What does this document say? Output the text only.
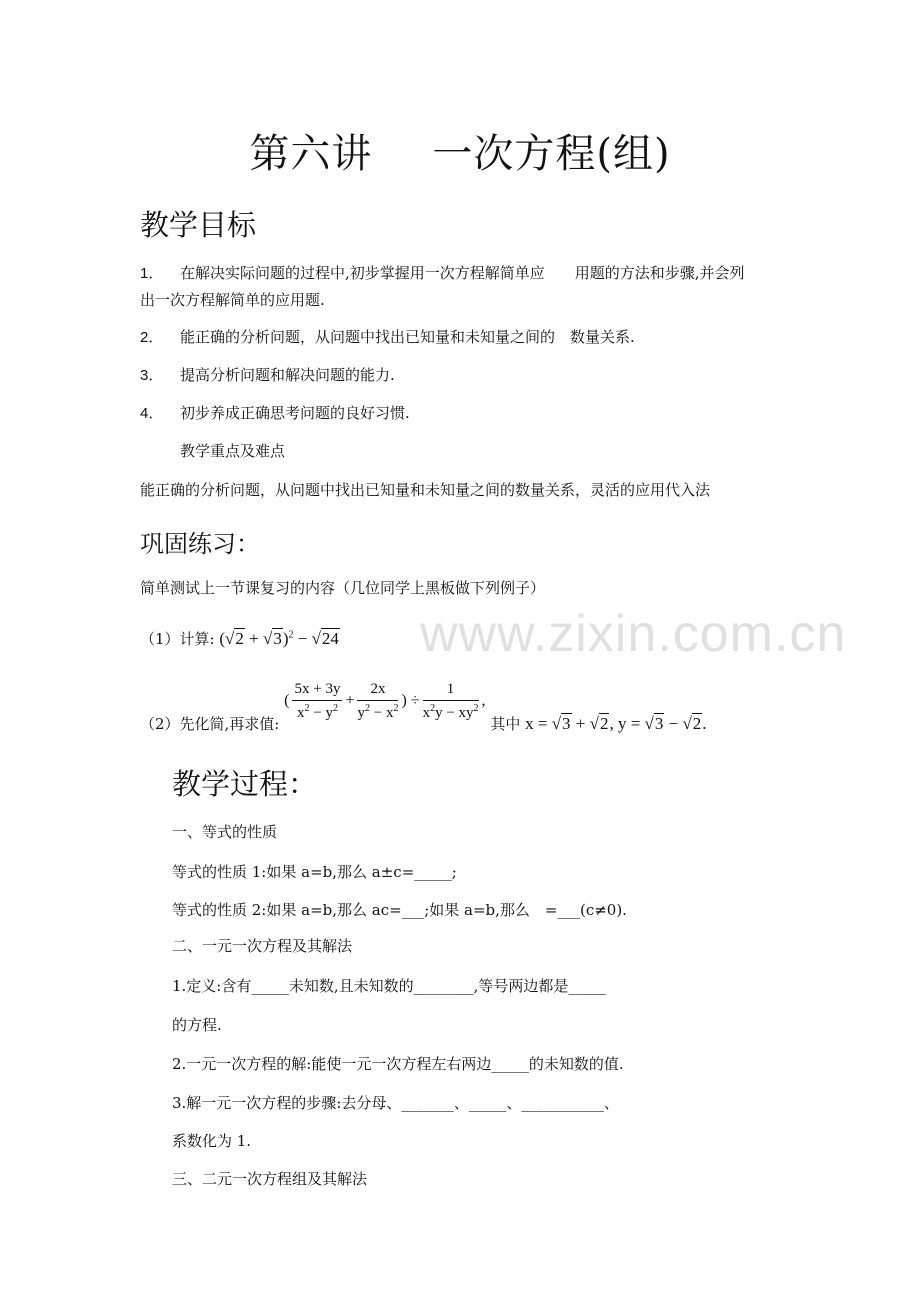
第六讲 一次方程(组)
教学目标
1． 在解决实际问题的过程中,初步掌握用一次方程解简单应　　用题的方法和步骤,并会列
出一次方程解简单的应用题.
2． 能正确的分析问题，从问题中找出已知量和未知量之间的　数量关系.
3． 提高分析问题和解决问题的能力.
4． 初步养成正确思考问题的良好习惯.
教学重点及难点
能正确的分析问题，从问题中找出已知量和未知量之间的数量关系，灵活的应用代入法
巩固练习：
简单测试上一节课复习的内容（几位同学上黑板做下列例子）
www.zixin.com.cn
（1）计算: $(√2 + √3)^2 - √24$
（2）先化简,再求值: ( $\frac{5x + 3y}{x^2 - y^2} + \frac{2x}{y^2 - x^2}$ ) ÷ $\frac{1}{x^2y - xy^2}$ , 其中 x = √3 + √2, y = √3 − √2.
教学过程：
一、等式的性质
等式的性质 1:如果 a=b,那么 a±c=_____;
等式的性质 2:如果 a=b,那么 ac=___;如果 a=b,那么　=___(c≠0).
二、一元一次方程及其解法
1.定义:含有_____未知数,且未知数的________,等号两边都是_____
的方程.
2.一元一次方程的解:能使一元一次方程左右两边_____的未知数的值.
3.解一元一次方程的步骤:去分母、_______、_____、___________、
系数化为 1.
三、二元一次方程组及其解法
